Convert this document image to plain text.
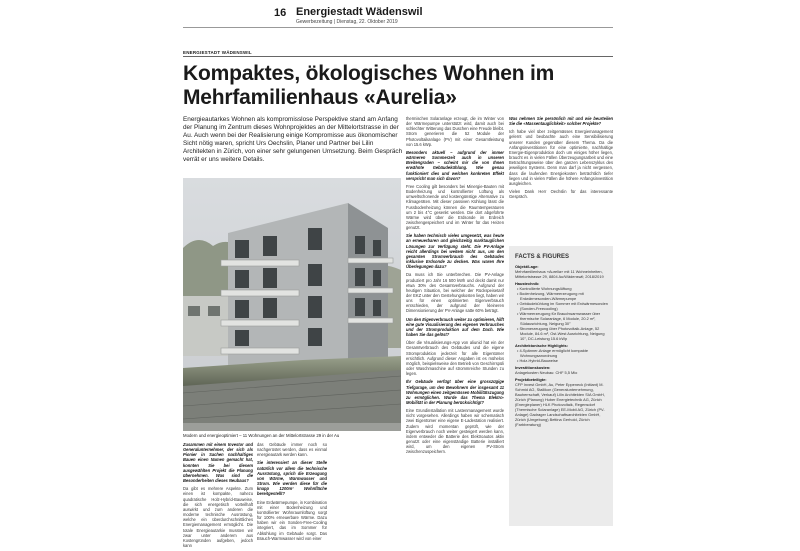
16 Energiestadt Wädenswil
Gewerbezeitung | Dienstag, 22. Oktober 2019
ENERGIESTADT WÄDENSWIL
Kompaktes, ökologisches Wohnen im
Mehrfamilienhaus «Aurelia»
Energieautarkes Wohnen als kompromisslose Perspektive stand am Anfang der Planung im Zentrum dieses Wohnprojektes an der Mittelortstrasse in der Au. Auch wenn bei der Realisierung einige Kompromisse aus ökonomischer Sicht nötig waren, spricht Urs Oechslin, Planer und Partner bei Lilin Architekten in Zürich, von einer sehr gelungenen Umsetzung. Beim Gespräch verrät er uns weitere Details.
Modern und energieoptimiert – 11 Wohnungen an der Mittelortstrasse 29 in der Au

Zusammen mit einem Investor und Generalunternehmer, der sich als Pionier in Sachen nachhaltiges Bauen einen Namen gemacht hat, konnten Sie bei diesem ausgewählten Projekt die Planung übernehmen. Was sind die Besonderheiten dieses Neubaus?

Da gibt es mehrere Aspekte. Zum einen ist kompakte, nahezu quadratische Holz-Hybrid-Bauweise, die sich energetisch vorteilhaft auswirkt und zum anderen die moderne technische Ausrüstung, welche ein überdurchschnittliches Energiemanagement ermöglicht. Die totale Energieautarkie mussten wir zwar unter anderem aus Kostengründen aufgeben, jedoch kann

das Gebäude immer noch so nachgerüstet werden, dass es einmal energieautark werden kann.

Sie interessiert an dieser Stelle natürlich vor allem die technische Ausrüstung, sprich die Erzeugung von Wärme, Warmwasser und Strom. Wie werden diese für die knapp 1200m² Wohnfläche bereitgestellt?

Eine Erdwärmepumpe, in Kombination mit einer Bodenheizung und kontrollierter Wohnraumlüftung sorgt für 100% erneuerbare Wärme. Dazu haben wir ein Sonden-Free-Cooling integriert, das im Sommer für Abkühlung im Gebäude sorgt. Das Brauch-Warmwasser wird von einer

thermischen Solaranlage erzeugt, die im Winter von der Wärmepumpe unterstützt wird, damit auch bei schlechter Witterung das Duschen eine Freude bleibt. Strom generieren die 52 Module der Photovoltaikanlage (PV) mit einer Gesamtleistung von 15.6 kWp.

Besonders aktuell – aufgrund der immer wärmeren Sommerzeit auch in unseren Breitengraden – scheint mir die von Ihnen erwähnte Gebäudekühlung. Wie genau funktioniert dies und welchen konkreten Effekt verspricht man sich davon?

Free Cooling gilt besonders bei Minergie-Bauten mit Bodenheizung und kontrollierter Lüftung als umweltschonende und kostengünstige Alternative zu Klimageräten. Mit dieser passiven Kühlung lässt die Fussbodenheizung können die Raumtemperaturen um 2 bis 4°C gesenkt werden. Die dort abgeführte Wärme wird über die Erdsonde im Erdreich zwischengespeichert und im Winter für das Heizen genutzt.

Sie haben technisch vieles umgesetzt, was heute an erneuerbaren und gleichzeitig marktauglichen Lösungen zur Verfügung steht. Die PV-Anlage reicht allerdings bei weitem nicht aus, um den gesamten Stromverbrauch des Gebäudes inklusive Erdsonde zu decken. Was waren Ihre Überlegungen dazu?

Da muss ich Sie unterbrechen. Die PV-Anlage produziert pro Jahr 16 500 kWh und deckt damit nur etwa 30% des Gesamtverbrauchs. Aufgrund der heutigen Situation, bei welcher der Rückspeisetarif der EKZ unter den Gestehungskosten liegt, haben wir uns für einen optimierten Eigenverbrauch entschieden, der aufgrund der kleineren Dimensionierung der PV-Anlage satte 60% beträgt.

Um den Eigenverbrauch weiter zu optimieren, hilft eine gute Visualisierung des eigenen Verbrauches und der Stromproduktion auf dem Dach. Wie haben Sie das gelöst?

Über die Visualisierungs-App von aliunid hat ein der Gesamtverbrauch des Gebäudes und die eigene Stromproduktion jederzeit für alle Eigentümer ersichtlich. Aufgrund dieser Angaben ist es mühelos möglich, beispielsweise den Betrieb von Geschirrspüli oder Waschmaschine auf strommreiche Stunden zu legen.

Ihr Gebäude verfügt über eine grosszügige Tiefgarage, um den Bewohnern der insgesamt 11 Wohnungen einen zeitgemässen Mobilitätszugang zu ermöglichen. Wurde das Thema Elektro-Mobilität in der Planung berücksichtigt?

Eine Grundinstallation mit Lastenmanagement wurde nicht vorgesehen. Allerdings haben wir schematisch zwei Eigentümer eine eigene E-Ladestation realisiert. Zudem wird momentan geprüft, wie der Eigenverbrauch noch weiter gesteigert werden kann, indem entweder die Batterie des Elektroautos aktiv genutzt oder eine eigenständige Batterie installiert wird, um den eigenen PV-Strom zwischenzuspeichern.

Was nehmen Sie persönlich mit und wie beurteilen Sie die «Massentauglichkeit» solcher Projekte?

Ich habe viel über zeitgemässes Energiemanagement gelernt und beobachte auch eine Sensibilisierung unserer Kunden gegenüber diesem Thema. Da die Anfangsinvestitionen für eine optimierte, nachhaltige Energie-Eigenproduktion doch um einiges höher liegen, braucht es in vielen Fällen Überzeugungsarbeit und eine Betrachtungsweise über den ganzen Lebenszyklus des jeweiligen Systems. Denn man darf ja nicht vergessen, dass die laufenden Energiekosten beträchtlich tiefer liegen und in vielen Fällen die höhere Anfangsinvestition ausgleichen.

Vielen Dank Herr Oechslin für das interessante Gespräch.

FACTS & FIGURES
Objekt/Lage:
Mehrfamilienhaus «Aurelia» mit 11 Wohneinheiten, Mittelortstrasse 29, 8804 Au/Wädenswil; 2018/2019
Haustechnik:
• Kontrollierte Wohnungslüftung
• Bodenheizung, Wärmeerzeugung mit Erdwärmesonden-Wärmepumpe
• Gebäudekühlung im Sommer mit Erdwärmesonden (Sonden-Freecooling)
• Wärmeerzeugung für Brauchwarmwasser über thermische Solaranlage, 6 Module, 20.2 m², Südausrichtung, Neigung 30°
• Stromerzeugung über Photovoltaik-Anlage, 52 Module, 84.6 m², Ost-West Ausrichtung, Neigung 10°, DC-Leistung 15.6 kWp
Architektonische Highlights:
• 4-Spänner-Anlage ermöglicht kompakte Wohnungsanordnung
• Holz-Hybrid-Bauweise
Investitionskosten:
Anlagekosten Neubau: CHF 5,5 Mio
Projektbeteiligte:
CFP Invest GmbH, Au, Peter Eppeneck (Initiant) M. Schmid AG, Stallikon (Generalunternehmung, Bauherrschaft, Verkauf) Lilin Architekten SIA GmbH, Zürich (Planung) Huber Energietechnik AG, Zürich (Energieplaner) HLK Photovoltaik, Regensdorf (Thermische Solaranlage) EE-Mobil AG, Zürich (PV-Anlage) Gadrager Landschaftsarchitekten GmbH, Zürich (Umgebung) Bettina Gerhold, Zürich (Farbberatung)
